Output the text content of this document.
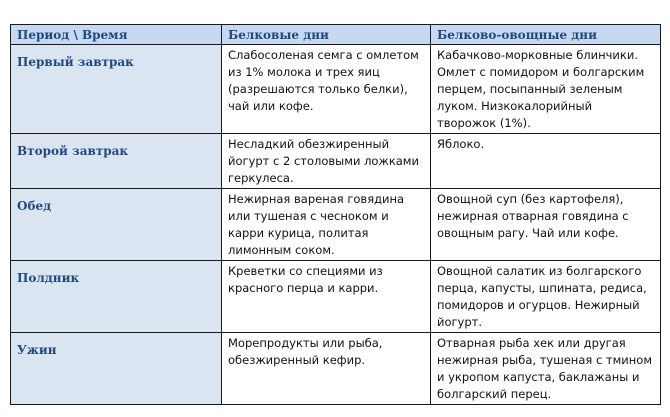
Период \ Время	Белковые дни	Белково-овощные дни
Первый завтрак	Слабосоленая семга с омлетом из 1% молока и трех яиц (разрешаются только белки), чай или кофе.	Кабачково-морковные блинчики. Омлет с помидором и болгарским перцем, посыпанный зеленым луком. Низкокалорийный творожок (1%).
Второй завтрак	Несладкий обезжиренный йогурт с 2 столовыми ложками геркулеса.	Яблоко.
Обед	Нежирная вареная говядина или тушеная с чесноком и карри курица, политая лимонным соком.	Овощной суп (без картофеля), нежирная отварная говядина с овощным рагу. Чай или кофе.
Полдник	Креветки со специями из красного перца и карри.	Овощной салатик из болгарского перца, капусты, шпината, редиса, помидоров и огурцов. Нежирный йогурт.
Ужин	Морепродукты или рыба, обезжиренный кефир.	Отварная рыба хек или другая нежирная рыба, тушеная с тмином и укропом капуста, баклажаны и болгарский перец.
